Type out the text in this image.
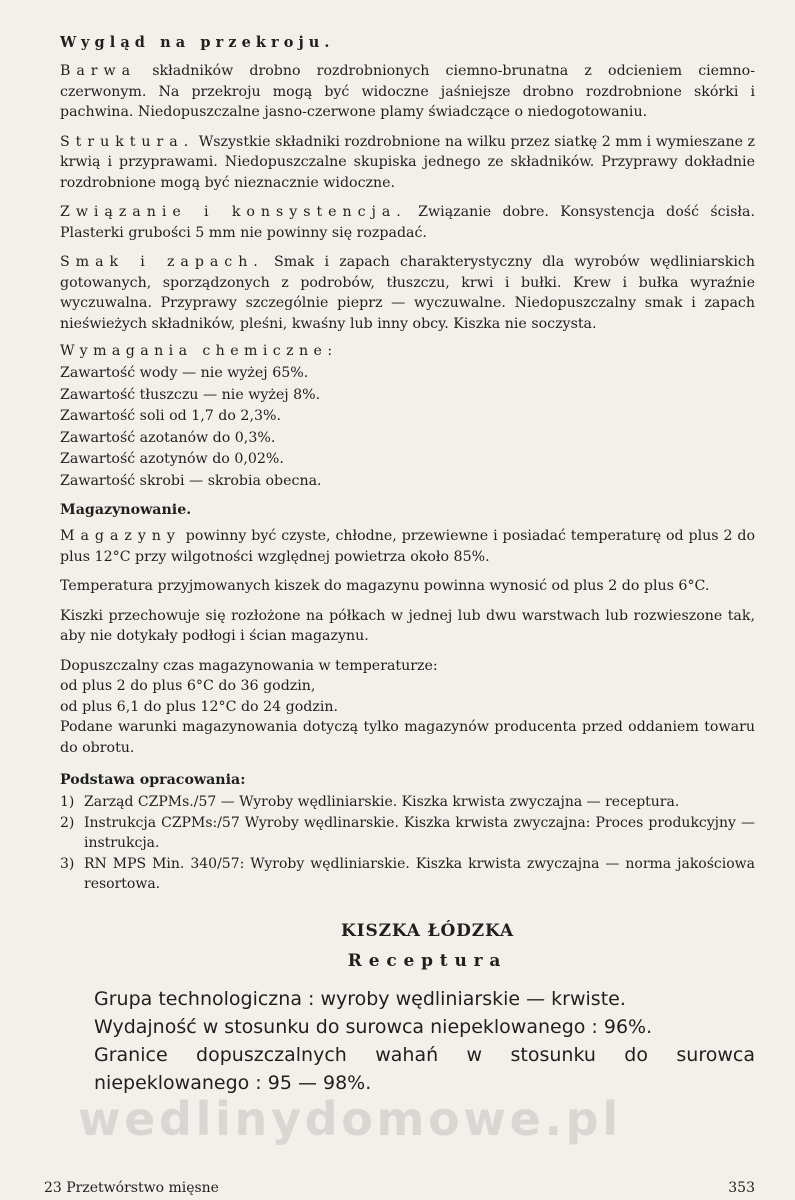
Wygląd na przekroju.

Barwa składników drobno rozdrobnionych ciemno-brunatna z odcieniem ciemno-czerwonym. Na przekroju mogą być widoczne jaśniejsze drobno rozdrobnione skórki i pachwina. Niedopuszczalne jasno-czerwone plamy świadczące o niedogotowaniu.

Struktura. Wszystkie składniki rozdrobnione na wilku przez siatkę 2 mm i wymieszane z krwią i przyprawami. Niedopuszczalne skupiska jednego ze składników. Przyprawy dokładnie rozdrobnione mogą być nieznacznie widoczne.

Związanie i konsystencja. Związanie dobre. Konsystencja dość ścisła. Plasterki grubości 5 mm nie powinny się rozpadać.

Smak i zapach. Smak i zapach charakterystyczny dla wyrobów wędliniarskich gotowanych, sporządzonych z podrobów, tłuszczu, krwi i bułki. Krew i bułka wyraźnie wyczuwalna. Przyprawy szczególnie pieprz — wyczuwalne. Niedopuszczalny smak i zapach nieświeżych składników, pleśni, kwaśny lub inny obcy. Kiszka nie soczysta.

Wymagania chemiczne:

Zawartość wody — nie wyżej 65%.

Zawartość tłuszczu — nie wyżej 8%.

Zawartość soli od 1,7 do 2,3%.

Zawartość azotanów do 0,3%.

Zawartość azotynów do 0,02%.

Zawartość skrobi — skrobia obecna.

Magazynowanie.

Magazyny powinny być czyste, chłodne, przewiewne i posiadać temperaturę od plus 2 do plus 12°C przy wilgotności względnej powietrza około 85%.

Temperatura przyjmowanych kiszek do magazynu powinna wynosić od plus 2 do plus 6°C.

Kiszki przechowuje się rozłożone na półkach w jednej lub dwu warstwach lub rozwieszone tak, aby nie dotykały podłogi i ścian magazynu.

Dopuszczalny czas magazynowania w temperaturze:

od plus 2 do plus 6°C do 36 godzin,

od plus 6,1 do plus 12°C do 24 godzin.

Podane warunki magazynowania dotyczą tylko magazynów producenta przed oddaniem towaru do obrotu.

Podstawa opracowania:

1) Zarząd CZPMs./57 — Wyroby wędliniarskie. Kiszka krwista zwyczajna — receptura.
2) Instrukcja CZPMs:/57 Wyroby wędlinarskie. Kiszka krwista zwyczajna: Proces produkcyjny — instrukcja.
3) RN MPS Min. 340/57: Wyroby wędliniarskie. Kiszka krwista zwyczajna — norma jakościowa resortowa.

KISZKA ŁÓDZKA

Receptura

Grupa technologiczna : wyroby wędliniarskie — krwiste.

Wydajność w stosunku do surowca niepeklowanego : 96%.

Granice dopuszczalnych wahań w stosunku do surowca niepeklowanego : 95 — 98%.

wedlinydomowe.pl
23 Przetwórstwo mięsne	353
